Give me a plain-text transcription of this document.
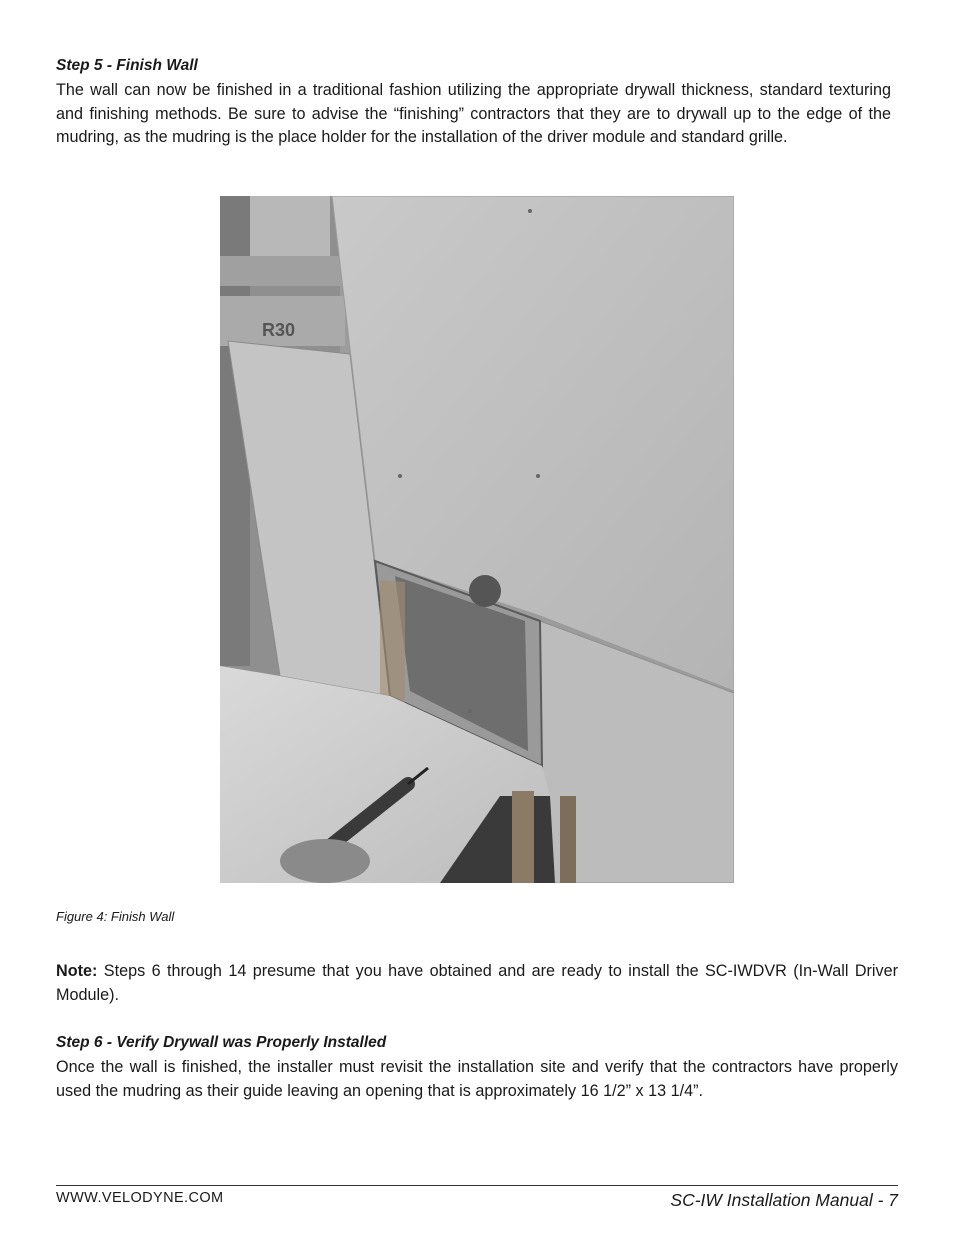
Step 5 - Finish Wall

The wall can now be finished in a traditional fashion utilizing the appropriate drywall thickness, standard texturing and finishing methods. Be sure to advise the “finishing” contractors that they are to drywall up to the edge of the mudring, as the mudring is the place holder for the installation of the driver module and standard grille.

R30

Figure 4: Finish Wall

Note: Steps 6 through 14 presume that you have obtained and are ready to install the SC-IWDVR (In-Wall Driver Module).

Step 6 - Verify Drywall was Properly Installed

Once the wall is finished, the installer must revisit the installation site and verify that the contractors have properly used the mudring as their guide leaving an opening that is approximately 16 1/2” x 13 1/4”.

WWW.VELODYNE.COM	SC-IW Installation Manual - 7
